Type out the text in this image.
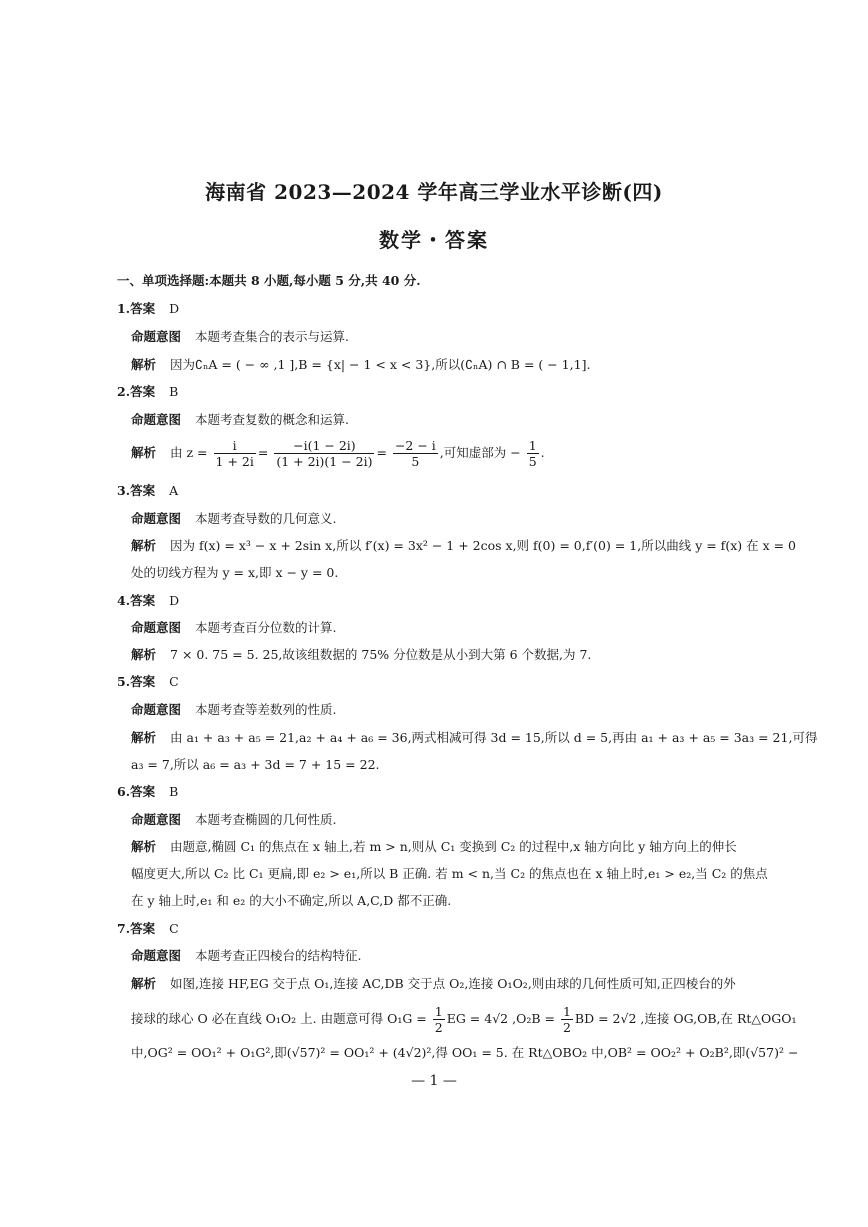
海南省 2023—2024 学年高三学业水平诊断(四)
数学・答案
一、单项选择题:本题共 8 小题,每小题 5 分,共 40 分.
1.答案 D
命题意图 本题考查集合的表示与运算.
解析 因为∁ₙA = ( − ∞ ,1 ],B = {x| − 1 < x < 3},所以(∁ₙA) ∩ B = ( − 1,1].
2.答案 B
命题意图 本题考查复数的概念和运算.
解析 由 $z = \frac{i}{1 + 2i} = \frac{-i(1 - 2i)}{(1 + 2i)(1 - 2i)} = \frac{-2 - i}{5}$ ,可知虚部为 − $\frac{1}{5}$ .
3.答案 A
命题意图 本题考查导数的几何意义.
解析 因为 f(x) = x³ − x + 2sin x,所以 f′(x) = 3x² − 1 + 2cos x,则 f(0) = 0,f′(0) = 1,所以曲线 y = f(x) 在 x = 0
处的切线方程为 y = x,即 x − y = 0.
4.答案 D
命题意图 本题考查百分位数的计算.
解析 7 × 0. 75 = 5. 25,故该组数据的 75% 分位数是从小到大第 6 个数据,为 7.
5.答案 C
命题意图 本题考查等差数列的性质.
解析 由 a₁ + a₃ + a₅ = 21,a₂ + a₄ + a₆ = 36,两式相减可得 3d = 15,所以 d = 5,再由 a₁ + a₃ + a₅ = 3a₃ = 21,可得
a₃ = 7,所以 a₆ = a₃ + 3d = 7 + 15 = 22.
6.答案 B
命题意图 本题考查椭圆的几何性质.
解析 由题意,椭圆 C₁ 的焦点在 x 轴上,若 m > n,则从 C₁ 变换到 C₂ 的过程中,x 轴方向比 y 轴方向上的伸长
幅度更大,所以 C₂ 比 C₁ 更扁,即 e₂ > e₁,所以 B 正确. 若 m < n,当 C₂ 的焦点也在 x 轴上时,e₁ > e₂,当 C₂ 的焦点
在 y 轴上时,e₁ 和 e₂ 的大小不确定,所以 A,C,D 都不正确.
7.答案 C
命题意图 本题考查正四棱台的结构特征.
解析 如图,连接 HF,EG 交于点 O₁,连接 AC,DB 交于点 O₂,连接 O₁O₂,则由球的几何性质可知,正四棱台的外
接球的球心 O 必在直线 O₁O₂ 上. 由题意可得 $O_1G = \frac{1}{2}$ EG = 4√2 $,O_2B = \frac{1}{2}$ BD = 2√2 ,连接 OG,OB,在 Rt△OGO₁
中,OG² = OO₁² + O₁G²,即(√57)² = OO₁² + (4√2)²,得 OO₁ = 5. 在 Rt△OBO₂ 中,OB² = OO₂² + O₂B²,即(√57)² −
— 1 —
